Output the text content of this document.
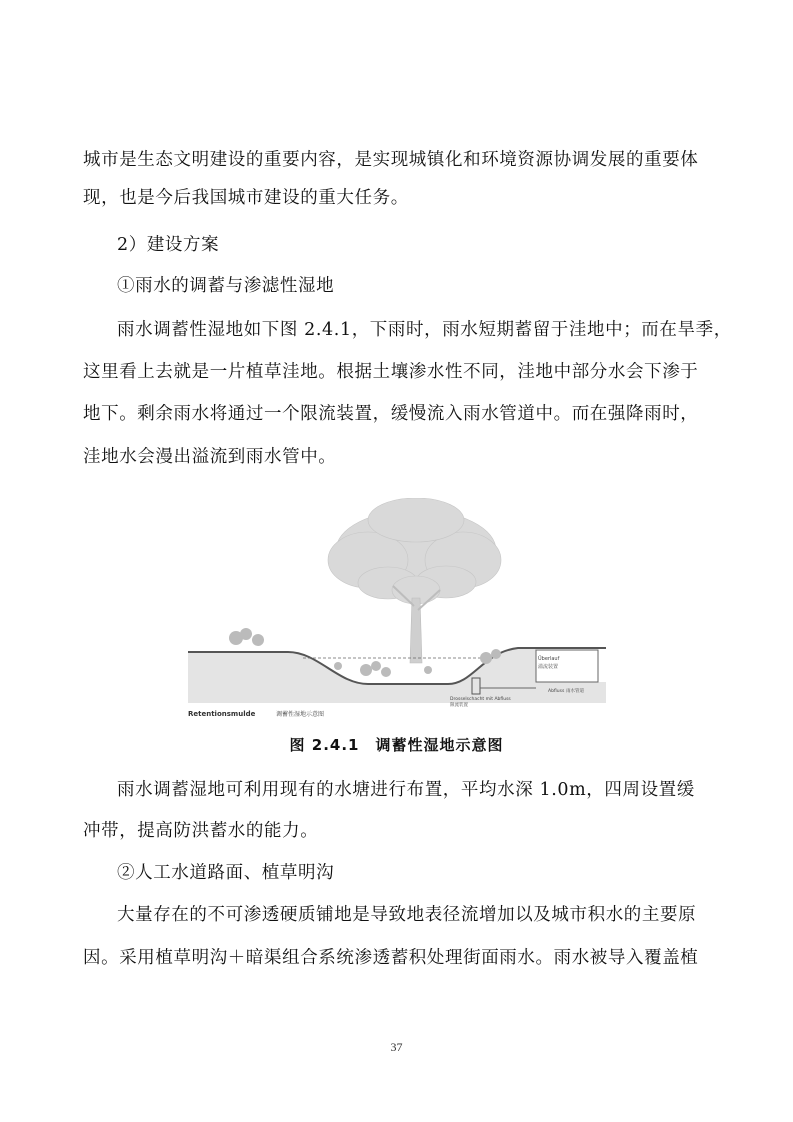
城市是生态文明建设的重要内容，是实现城镇化和环境资源协调发展的重要体

现，也是今后我国城市建设的重大任务。

2）建设方案

①雨水的调蓄与渗滤性湿地

雨水调蓄性湿地如下图 2.4.1，下雨时，雨水短期蓄留于洼地中；而在旱季，

这里看上去就是一片植草洼地。根据土壤渗水性不同，洼地中部分水会下渗于

地下。剩余雨水将通过一个限流装置，缓慢流入雨水管道中。而在强降雨时，

洼地水会漫出溢流到雨水管中。

Überlauf
溢流装置
Drosselschacht mit Abfluss
限流装置
Abfluss 雨水管道
Retentionsmulde	调蓄性湿地示意图
图 2.4.1　调蓄性湿地示意图

雨水调蓄湿地可利用现有的水塘进行布置，平均水深 1.0m，四周设置缓

冲带，提高防洪蓄水的能力。

②人工水道路面、植草明沟

大量存在的不可渗透硬质铺地是导致地表径流增加以及城市积水的主要原

因。采用植草明沟＋暗渠组合系统渗透蓄积处理街面雨水。雨水被导入覆盖植

37
